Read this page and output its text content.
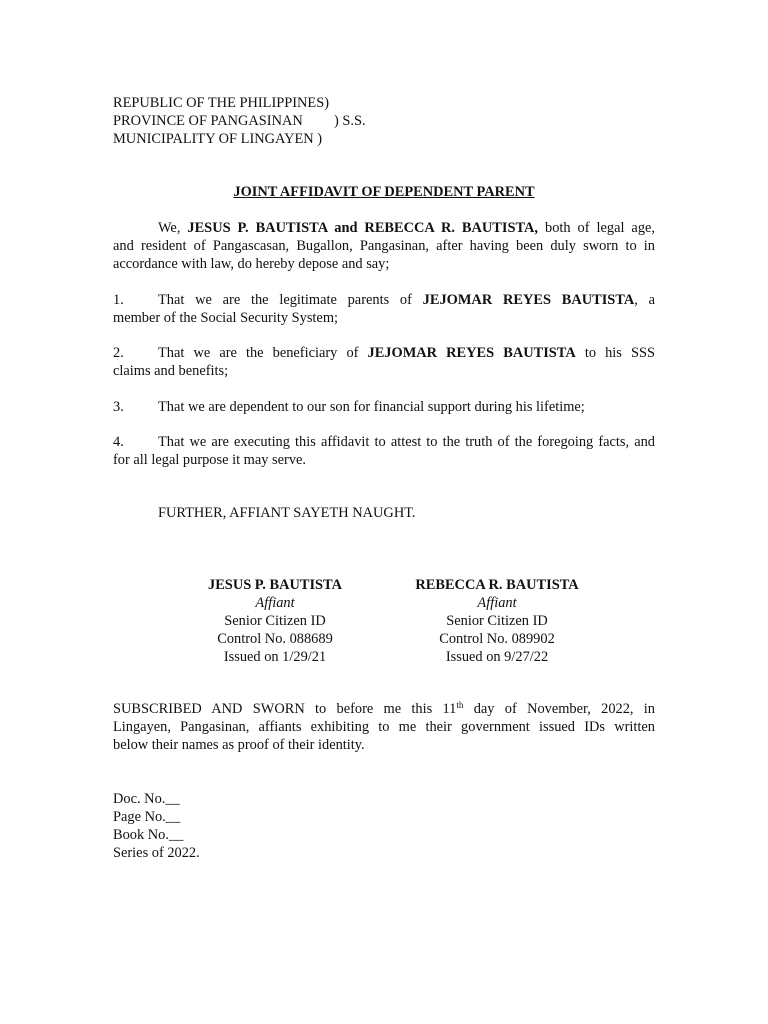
REPUBLIC OF THE PHILIPPINES)
PROVINCE OF PANGASINAN ) S.S.
MUNICIPALITY OF LINGAYEN )
JOINT AFFIDAVIT OF DEPENDENT PARENT
We, JESUS P. BAUTISTA and REBECCA R. BAUTISTA, both of legal age,
and resident of Pangascasan, Bugallon, Pangasinan, after having been duly sworn to in
accordance with law, do hereby depose and say;
1. That we are the legitimate parents of JEJOMAR REYES BAUTISTA, a
member of the Social Security System;
2. That we are the beneficiary of JEJOMAR REYES BAUTISTA to his SSS
claims and benefits;
3. That we are dependent to our son for financial support during his lifetime;
4. That we are executing this affidavit to attest to the truth of the foregoing facts, and
for all legal purpose it may serve.
FURTHER, AFFIANT SAYETH NAUGHT.
JESUS P. BAUTISTA
Affiant
Senior Citizen ID
Control No. 088689
Issued on 1/29/21
REBECCA R. BAUTISTA
Affiant
Senior Citizen ID
Control No. 089902
Issued on 9/27/22
SUBSCRIBED AND SWORN to before me this 11th day of November, 2022, in
Lingayen, Pangasinan, affiants exhibiting to me their government issued IDs written
below their names as proof of their identity.
Doc. No.__
Page No.__
Book No.__
Series of 2022.
